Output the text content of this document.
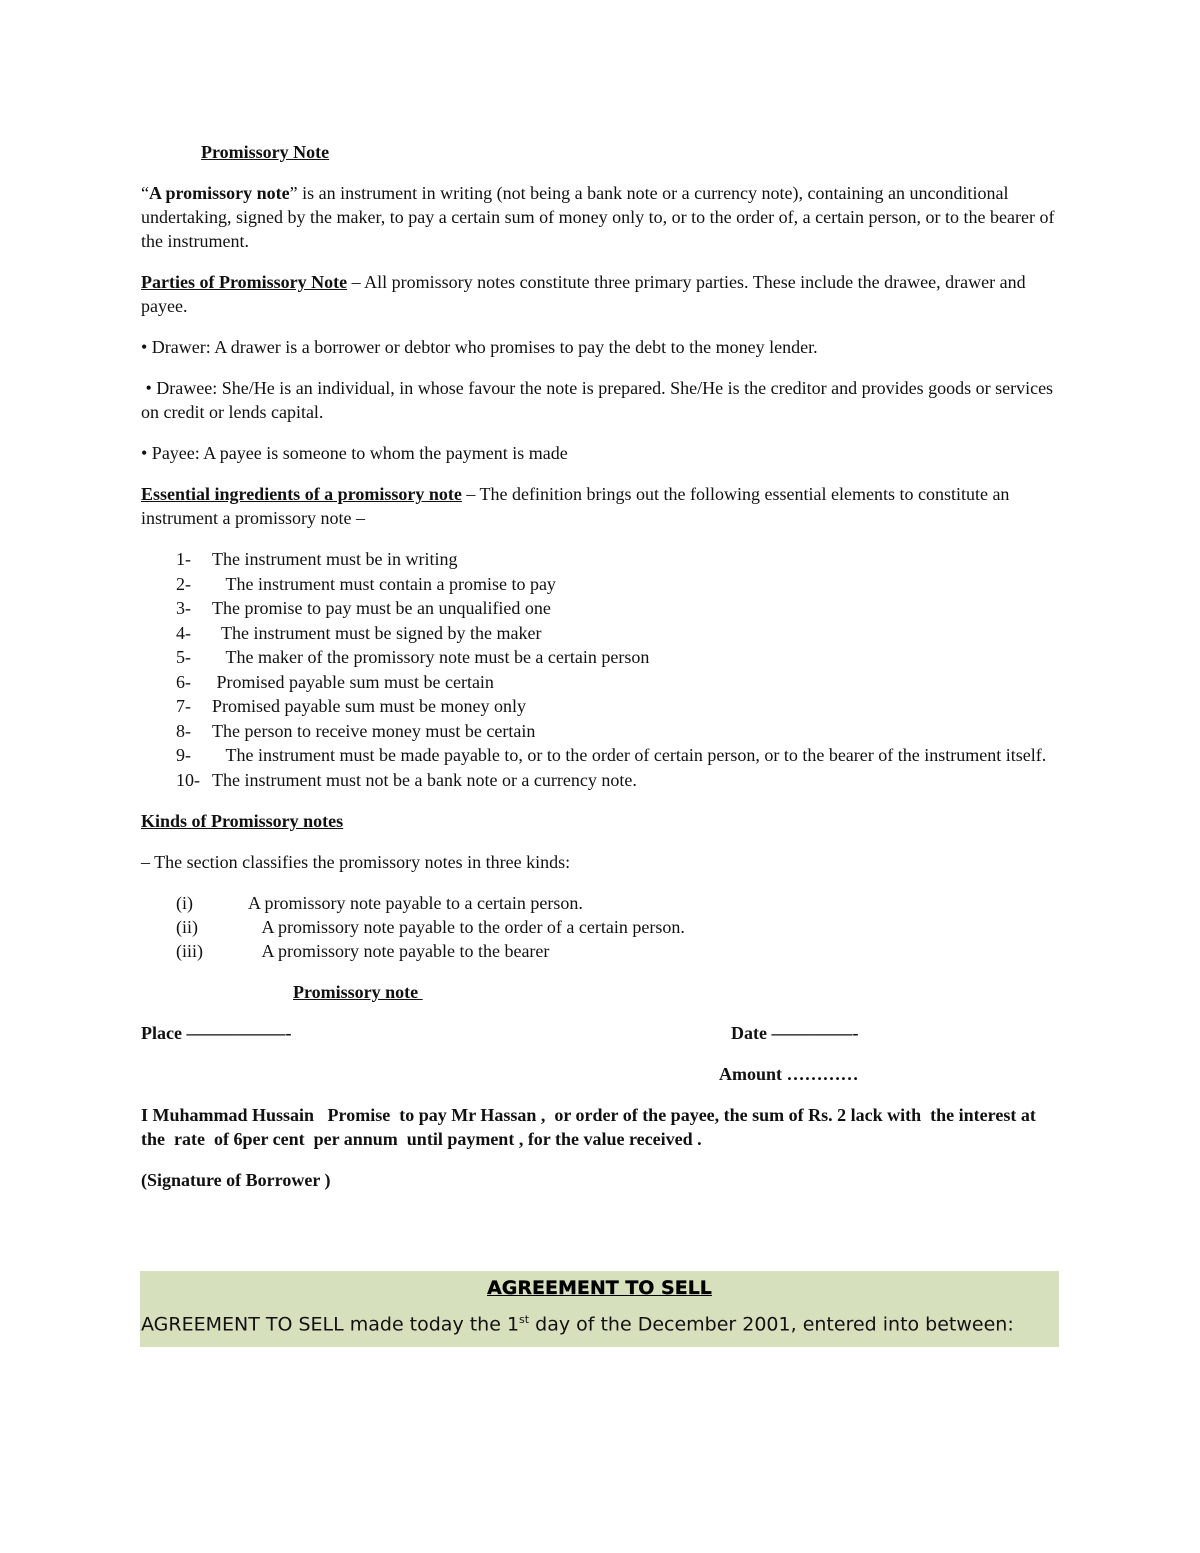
Promissory Note

“A promissory note” is an instrument in writing (not being a bank note or a currency note), containing an unconditional undertaking, signed by the maker, to pay a certain sum of money only to, or to the order of, a certain person, or to the bearer of the instrument.

Parties of Promissory Note – All promissory notes constitute three primary parties. These include the drawee, drawer and payee.

• Drawer: A drawer is a borrower or debtor who promises to pay the debt to the money lender.
• Drawee: She/He is an individual, in whose favour the note is prepared. She/He is the creditor and provides goods or services on credit or lends capital.
• Payee: A payee is someone to whom the payment is made

Essential ingredients of a promissory note – The definition brings out the following essential elements to constitute an instrument a promissory note –

1-	The instrument must be in writing
2-	The instrument must contain a promise to pay
3-	The promise to pay must be an unqualified one
4-	The instrument must be signed by the maker
5-	The maker of the promissory note must be a certain person
6-	Promised payable sum must be certain
7-	Promised payable sum must be money only
8-	The person to receive money must be certain
9-	The instrument must be made payable to, or to the order of certain person, or to the bearer of the instrument itself.
10- The instrument must not be a bank note or a currency note.

Kinds of Promissory notes

– The section classifies the promissory notes in three kinds:

(i)	A promissory note payable to a certain person.
(ii)	A promissory note payable to the order of a certain person.
(iii)	A promissory note payable to the bearer
Promissory note
Place –––––––––––-	Date –––––––––-
Amount …………

I Muhammad Hussain   Promise  to pay Mr Hassan ,  or order of the payee, the sum of Rs. 2 lack with  the interest at the  rate  of 6per cent  per annum  until payment , for the value received .

(Signature of Borrower )

AGREEMENT TO SELL
AGREEMENT TO SELL made today the 1st day of the December 2001, entered into between:
